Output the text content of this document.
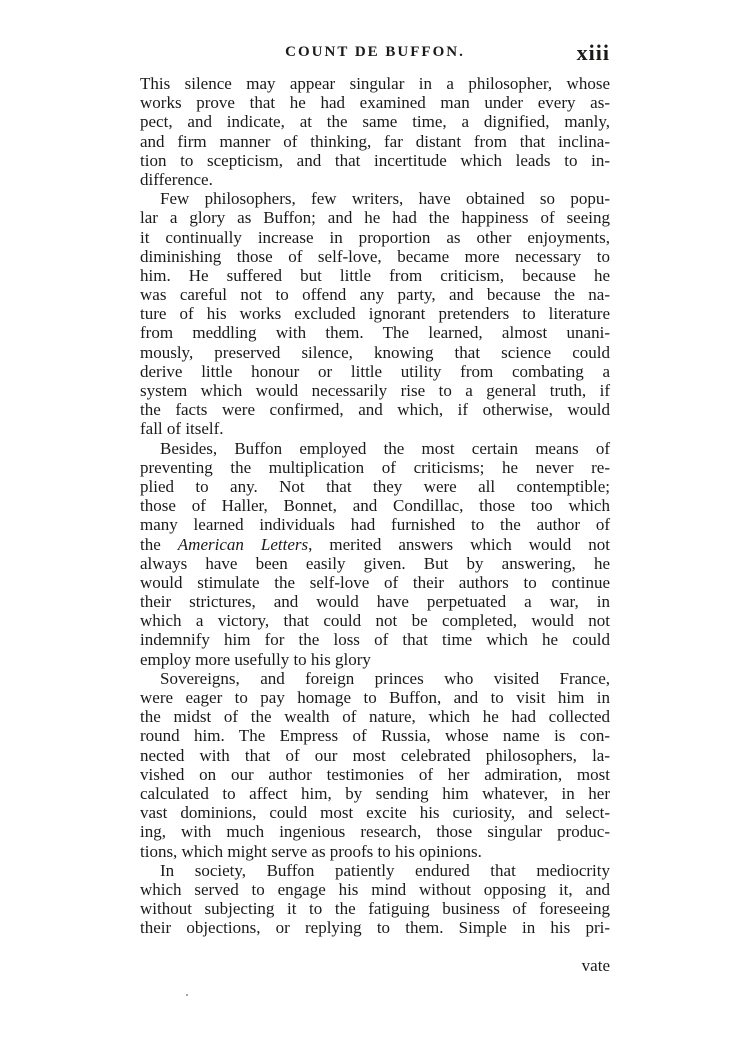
COUNT DE BUFFON.	xiii
This silence may appear singular in a philosopher, whose
works prove that he had examined man under every as-
pect, and indicate, at the same time, a dignified, manly,
and firm manner of thinking, far distant from that inclina-
tion to scepticism, and that incertitude which leads to in-
difference.
Few philosophers, few writers, have obtained so popu-
lar a glory as Buffon; and he had the happiness of seeing
it continually increase in proportion as other enjoyments,
diminishing those of self-love, became more necessary to
him. He suffered but little from criticism, because he
was careful not to offend any party, and because the na-
ture of his works excluded ignorant pretenders to literature
from meddling with them. The learned, almost unani-
mously, preserved silence, knowing that science could
derive little honour or little utility from combating a
system which would necessarily rise to a general truth, if
the facts were confirmed, and which, if otherwise, would
fall of itself.
Besides, Buffon employed the most certain means of
preventing the multiplication of criticisms; he never re-
plied to any. Not that they were all contemptible;
those of Haller, Bonnet, and Condillac, those too which
many learned individuals had furnished to the author of
the American Letters, merited answers which would not
always have been easily given. But by answering, he
would stimulate the self-love of their authors to continue
their strictures, and would have perpetuated a war, in
which a victory, that could not be completed, would not
indemnify him for the loss of that time which he could
employ more usefully to his glory
Sovereigns, and foreign princes who visited France,
were eager to pay homage to Buffon, and to visit him in
the midst of the wealth of nature, which he had collected
round him. The Empress of Russia, whose name is con-
nected with that of our most celebrated philosophers, la-
vished on our author testimonies of her admiration, most
calculated to affect him, by sending him whatever, in her
vast dominions, could most excite his curiosity, and select-
ing, with much ingenious research, those singular produc-
tions, which might serve as proofs to his opinions.
In society, Buffon patiently endured that mediocrity
which served to engage his mind without opposing it, and
without subjecting it to the fatiguing business of foreseeing
their objections, or replying to them. Simple in his pri-
vate
